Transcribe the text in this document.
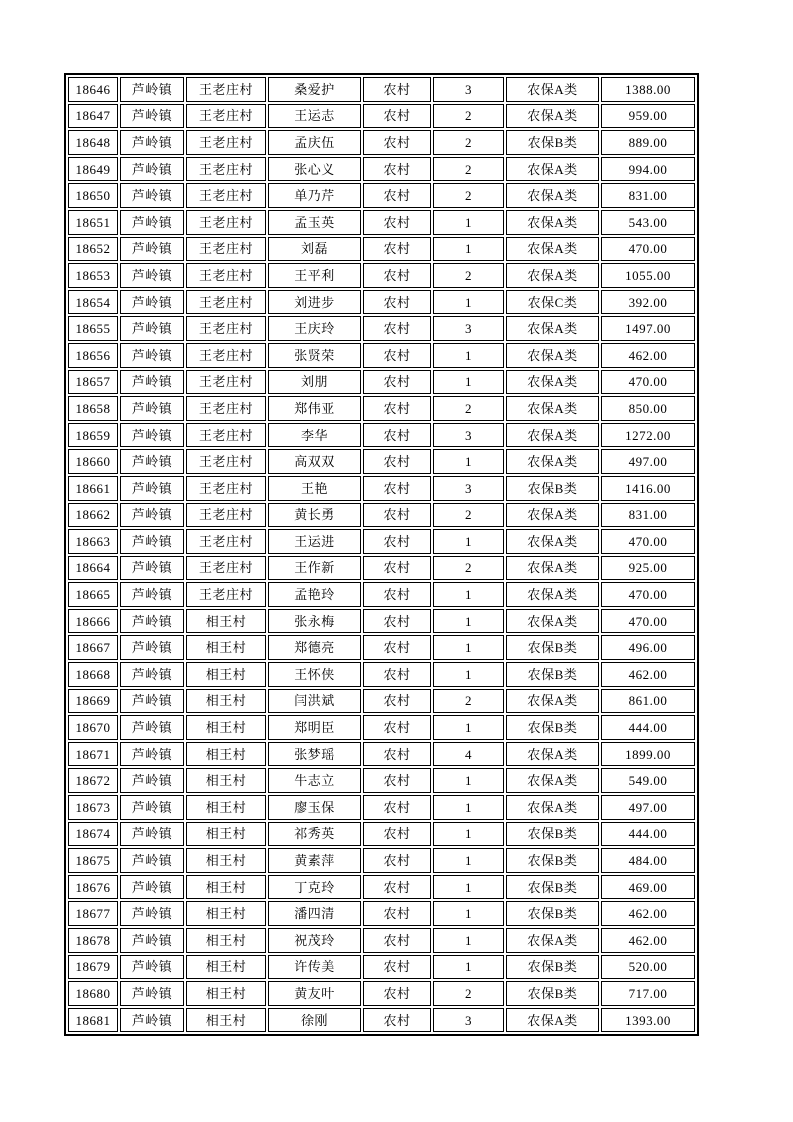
18646	芦岭镇	王老庄村	桑爱护	农村	3	农保A类	1388.00
18647	芦岭镇	王老庄村	王运志	农村	2	农保A类	959.00
18648	芦岭镇	王老庄村	孟庆伍	农村	2	农保B类	889.00
18649	芦岭镇	王老庄村	张心义	农村	2	农保A类	994.00
18650	芦岭镇	王老庄村	单乃芹	农村	2	农保A类	831.00
18651	芦岭镇	王老庄村	孟玉英	农村	1	农保A类	543.00
18652	芦岭镇	王老庄村	刘磊	农村	1	农保A类	470.00
18653	芦岭镇	王老庄村	王平利	农村	2	农保A类	1055.00
18654	芦岭镇	王老庄村	刘进步	农村	1	农保C类	392.00
18655	芦岭镇	王老庄村	王庆玲	农村	3	农保A类	1497.00
18656	芦岭镇	王老庄村	张贤荣	农村	1	农保A类	462.00
18657	芦岭镇	王老庄村	刘朋	农村	1	农保A类	470.00
18658	芦岭镇	王老庄村	郑伟亚	农村	2	农保A类	850.00
18659	芦岭镇	王老庄村	李华	农村	3	农保A类	1272.00
18660	芦岭镇	王老庄村	高双双	农村	1	农保A类	497.00
18661	芦岭镇	王老庄村	王艳	农村	3	农保B类	1416.00
18662	芦岭镇	王老庄村	黄长勇	农村	2	农保A类	831.00
18663	芦岭镇	王老庄村	王运进	农村	1	农保A类	470.00
18664	芦岭镇	王老庄村	王作新	农村	2	农保A类	925.00
18665	芦岭镇	王老庄村	孟艳玲	农村	1	农保A类	470.00
18666	芦岭镇	相王村	张永梅	农村	1	农保A类	470.00
18667	芦岭镇	相王村	郑德亮	农村	1	农保B类	496.00
18668	芦岭镇	相王村	王怀侠	农村	1	农保B类	462.00
18669	芦岭镇	相王村	闫洪斌	农村	2	农保A类	861.00
18670	芦岭镇	相王村	郑明臣	农村	1	农保B类	444.00
18671	芦岭镇	相王村	张梦瑶	农村	4	农保A类	1899.00
18672	芦岭镇	相王村	牛志立	农村	1	农保A类	549.00
18673	芦岭镇	相王村	廖玉保	农村	1	农保A类	497.00
18674	芦岭镇	相王村	祁秀英	农村	1	农保B类	444.00
18675	芦岭镇	相王村	黄素萍	农村	1	农保B类	484.00
18676	芦岭镇	相王村	丁克玲	农村	1	农保B类	469.00
18677	芦岭镇	相王村	潘四清	农村	1	农保B类	462.00
18678	芦岭镇	相王村	祝茂玲	农村	1	农保A类	462.00
18679	芦岭镇	相王村	许传美	农村	1	农保B类	520.00
18680	芦岭镇	相王村	黄友叶	农村	2	农保B类	717.00
18681	芦岭镇	相王村	徐刚	农村	3	农保A类	1393.00
